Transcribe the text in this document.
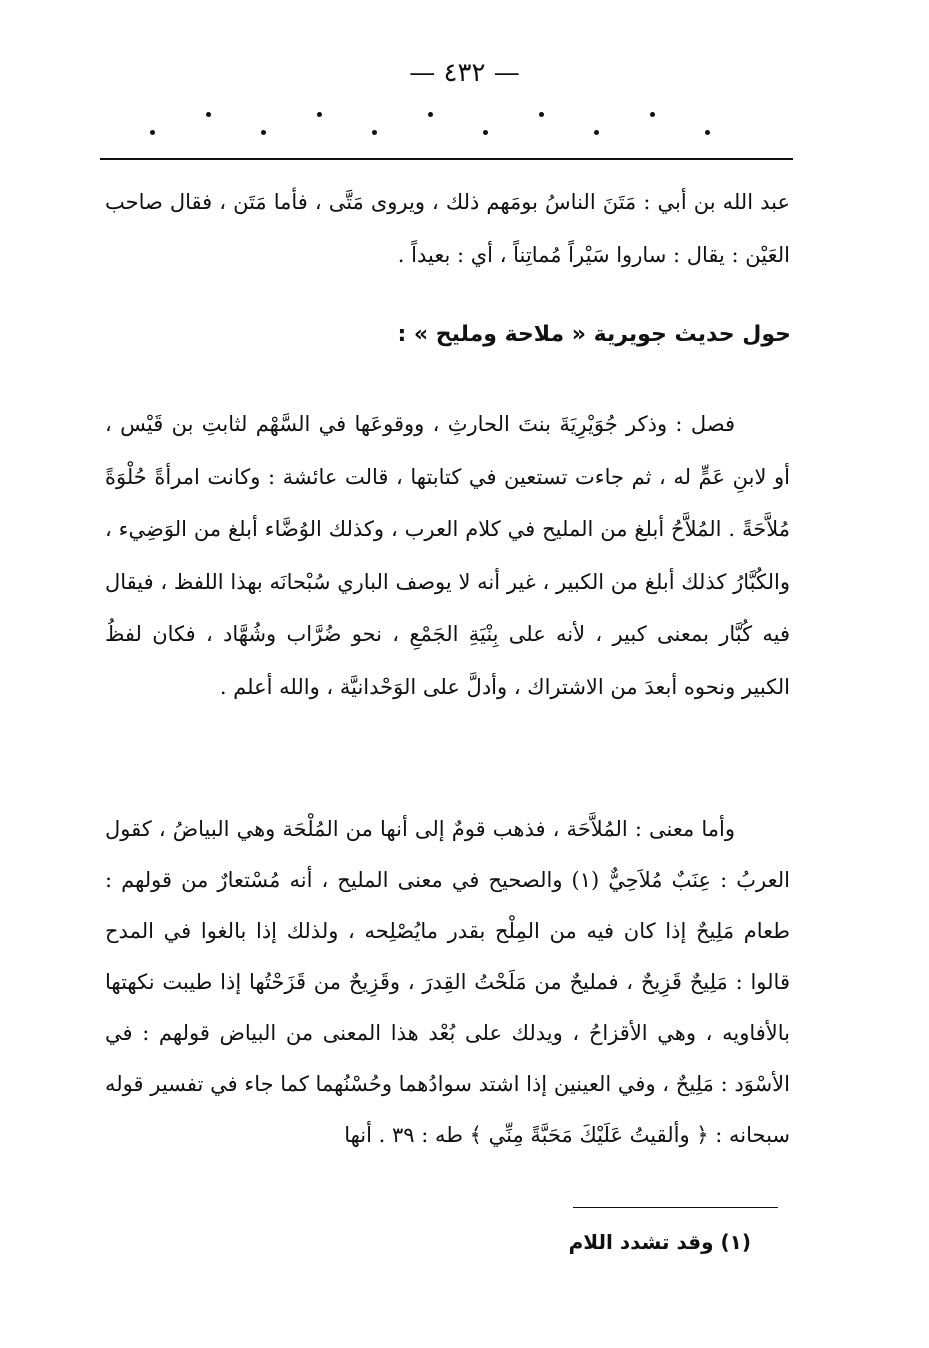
— ٤٣٢ —
عبد الله بن أبي : مَتَنَ الناسُ بومَهم ذلك ، ويروى مَتَّى ، فأما مَتَن ، فقال صاحب العَيْن : يقال : ساروا سَيْراً مُماتِناً ، أي : بعيداً .
حول حديث جويرية « ملاحة ومليح » :
فصل : وذكر جُوَيْرِيَةَ بنتَ الحارثِ ، ووقوعَها في السَّهْم لثابتِ بن قَيْس ، أو لابنِ عَمٍّ له ، ثم جاءت تستعين في كتابتها ، قالت عائشة : وكانت امرأةً حُلْوَةً مُلاَّحَةً . المُلاَّحُ أبلغ من المليح في كلام العرب ، وكذلك الوُضَّاء أبلغ من الوَضِيء ، والكُبَّارُ كذلك أبلغ من الكبير ، غير أنه لا يوصف الباري سُبْحانَه بهذا اللفظ ، فيقال فيه كُبَّار بمعنى كبير ، لأنه على بِنْيَةِ الجَمْعِ ، نحو ضُرَّاب وشُهَّاد ، فكان لفظُ الكبير ونحوه أبعدَ من الاشتراك ، وأدلَّ على الوَحْدانيَّة ، والله أعلم .
وأما معنى : المُلاَّحَة ، فذهب قومٌ إلى أنها من المُلْحَة وهي البياضُ ، كقول العربُ : عِنَبٌ مُلاَحِيٌّ (١) والصحيح في معنى المليح ، أنه مُسْتعارٌ من قولهم : طعام مَلِيحٌ إذا كان فيه من المِلْح بقدر مايُصْلِحه ، ولذلك إذا بالغوا في المدح قالوا : مَلِيحٌ قَزِيحٌ ، فمليحٌ من مَلَحْتُ القِدرَ ، وقَزِيحٌ من قَزَحْتُها إذا طيبت نكهتها بالأفاويه ، وهي الأقزاحُ ، ويدلك على بُعْد هذا المعنى من البياض قولهم : في الأسْوَد : مَلِيحٌ ، وفي العينين إذا اشتد سوادُهما وحُسْنُهما كما جاء في تفسير قوله سبحانه : ﴿ وألقيتُ عَلَيْكَ مَحَبَّةً مِنِّي ﴾ طه : ٣٩ . أنها
(١) وقد تشدد اللام
